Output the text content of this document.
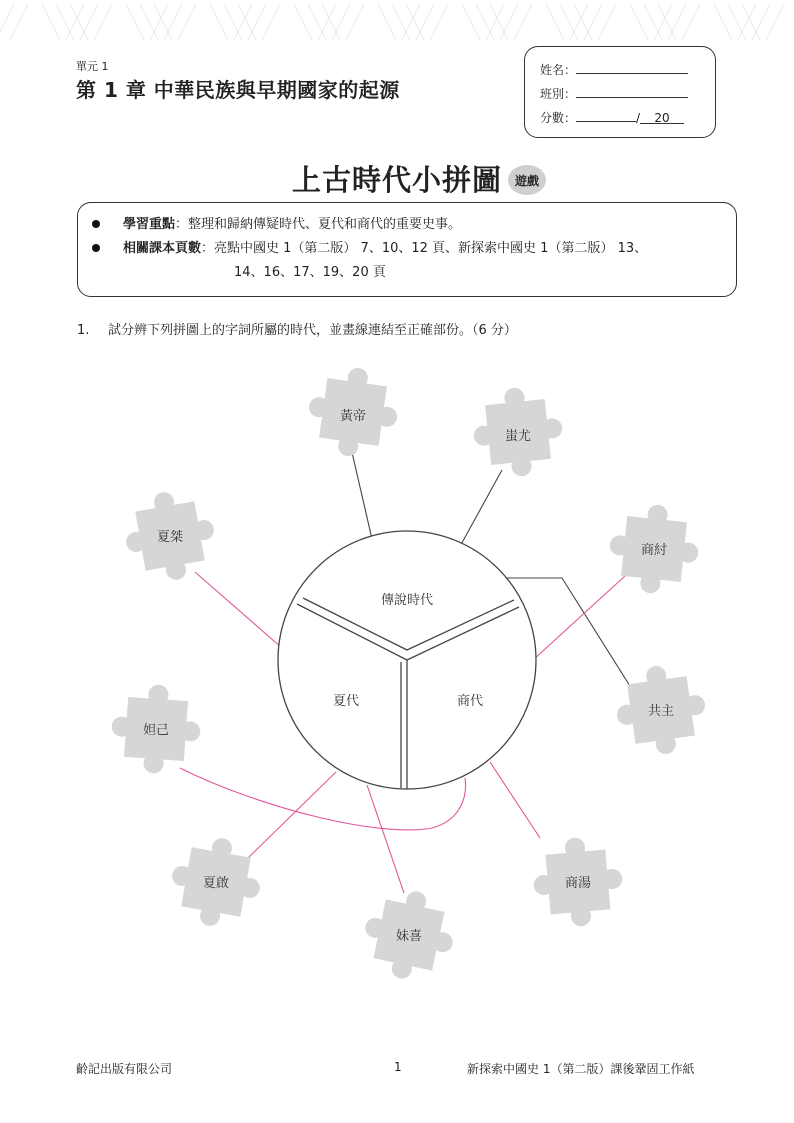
單元 1
第 1 章 中華民族與早期國家的起源
姓名：
班別：
分數：	/ 20
上古時代小拼圖	遊戲
學習重點：整理和歸納傳疑時代、夏代和商代的重要史事。
相關課本頁數：亮點中國史 1（第二版） 7、10、12 頁、新探索中國史 1（第二版） 13、
14、16、17、19、20 頁
1. 試分辨下列拼圖上的字詞所屬的時代，並畫線連結至正確部份。（6 分）
傳說時代
夏代	商代
黃帝
蚩尤
夏桀
商紂
共主
妲己
夏啟	商湯
妹喜
齡記出版有限公司	1	新探索中國史 1（第二版）課後鞏固工作紙
